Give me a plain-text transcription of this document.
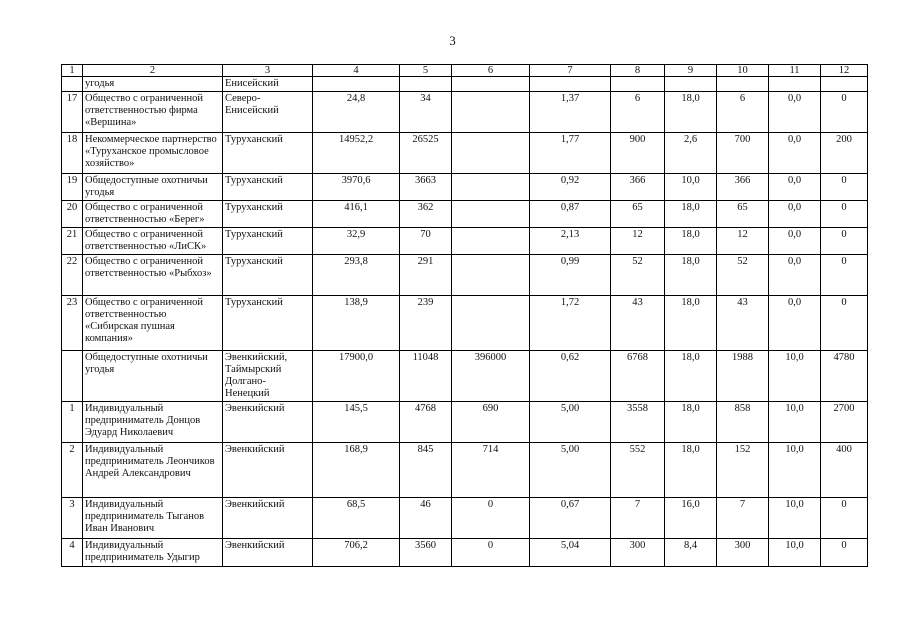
3
1	2	3	4	5	6	7	8	9	10	11	12
	угодья	Енисейский									
17	Общество с ограниченной ответственностью фирма «Вершина»	Северо-Енисейский	24,8	34		1,37	6	18,0	6	0,0	0
18	Некоммерческое партнерство «Туруханское промысловое хозяйство»	Туруханский	14952,2	26525		1,77	900	2,6	700	0,0	200
19	Общедоступные охотничьи угодья	Туруханский	3970,6	3663		0,92	366	10,0	366	0,0	0
20	Общество с ограниченной ответственностью «Берег»	Туруханский	416,1	362		0,87	65	18,0	65	0,0	0
21	Общество с ограниченной ответственностью «ЛиСК»	Туруханский	32,9	70		2,13	12	18,0	12	0,0	0
22	Общество с ограниченной ответственностью «Рыбхоз»	Туруханский	293,8	291		0,99	52	18,0	52	0,0	0
23	Общество с ограниченной ответственностью «Сибирская пушная компания»	Туруханский	138,9	239		1,72	43	18,0	43	0,0	0
	Общедоступные охотничьи угодья	Эвенкийский, Таймырский Долгано-Ненецкий	17900,0	11048	396000	0,62	6768	18,0	1988	10,0	4780
1	Индивидуальный предприниматель Донцов Эдуард Николаевич	Эвенкийский	145,5	4768	690	5,00	3558	18,0	858	10,0	2700
2	Индивидуальный предприниматель Леончиков Андрей Александрович	Эвенкийский	168,9	845	714	5,00	552	18,0	152	10,0	400
3	Индивидуальный предприниматель Тыганов Иван Иванович	Эвенкийский	68,5	46	0	0,67	7	16,0	7	10,0	0
4	Индивидуальный предприниматель Удыгир	Эвенкийский	706,2	3560	0	5,04	300	8,4	300	10,0	0
